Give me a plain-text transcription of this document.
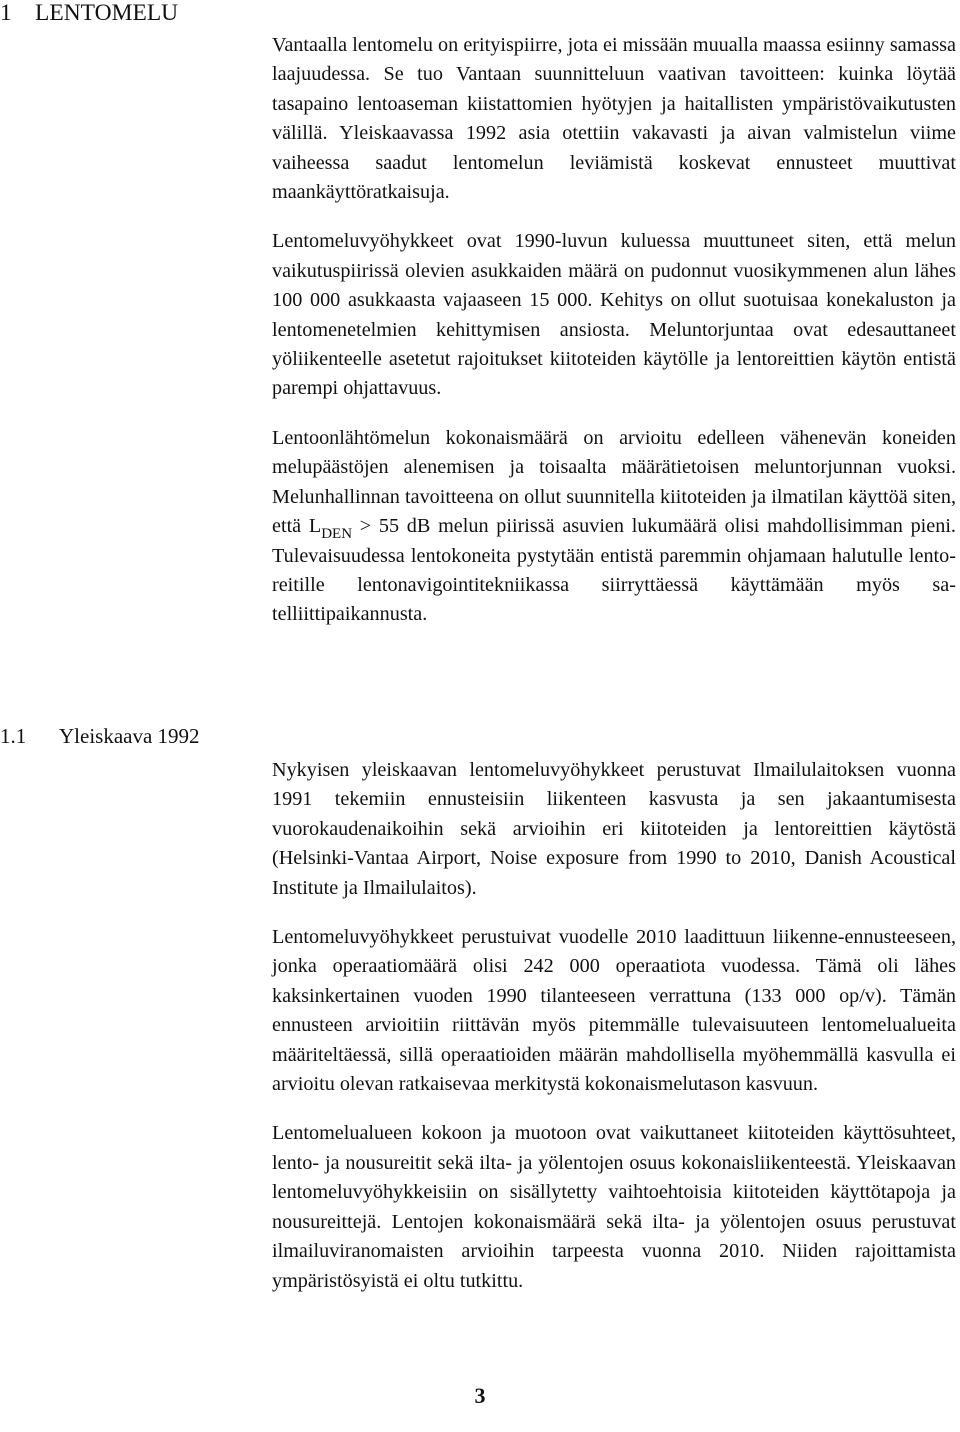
1 LENTOMELU

Vantaalla lentomelu on erityispiirre, jota ei missään muualla maassa esiinny samassa laajuudessa. Se tuo Vantaan suunnitteluun vaativan tavoitteen: kuinka löytää tasapaino lentoaseman kiistattomien hyötyjen ja haitallisten ympäristövaikutusten välillä. Yleiskaavassa 1992 asia otettiin vakavasti ja aivan valmistelun viime vaiheessa saadut lentomelun leviämistä koskevat ennusteet muuttivat maankäyttöratkaisuja.

Lentomeluvyöhykkeet ovat 1990-luvun kuluessa muuttuneet siten, että melun vaikutuspiirissä olevien asukkaiden määrä on pudonnut vuosikymmenen alun lähes 100 000 asukkaasta vajaaseen 15 000. Kehitys on ollut suotuisaa konekaluston ja lentomenetelmien kehittymisen ansiosta. Meluntorjuntaa ovat edesauttaneet yöliikenteelle asetetut rajoitukset kiitoteiden käytölle ja lentoreittien käytön entistä parempi ohjattavuus.

Lentoonlähtömelun kokonaismäärä on arvioitu edelleen vähenevän koneiden melupäästöjen alenemisen ja toisaalta määrätietoisen meluntorjunnan vuoksi. Melunhallinnan tavoitteena on ollut suunnitella kiitoteiden ja ilmatilan käyttöä siten, että $L_{DEN} > 55$ dB melun piirissä asuvien lukumäärä olisi mahdollisimman pieni. Tulevaisuudessa lentokoneita pystytään entistä paremmin ohjamaan halutulle lentoreitille lentonavigointitekniikassa siirryttäessä käyttämään myös satelliittipaikannusta.

1.1 Yleiskaava 1992

Nykyisen yleiskaavan lentomeluvyöhykkeet perustuvat Ilmailulaitoksen vuonna 1991 tekemiin ennusteisiin liikenteen kasvusta ja sen jakaantumisesta vuorokaudenaikoihin sekä arvioihin eri kiitoteiden ja lentoreittien käytöstä (Helsinki-Vantaa Airport, Noise exposure from 1990 to 2010, Danish Acoustical Institute ja Ilmailulaitos).

Lentomeluvyöhykkeet perustuivat vuodelle 2010 laadittuun liikenne-ennusteeseen, jonka operaatiomäärä olisi 242 000 operaatiota vuodessa. Tämä oli lähes kaksinkertainen vuoden 1990 tilanteeseen verrattuna (133 000 op/v). Tämän ennusteen arvioitiin riittävän myös pitemmälle tulevaisuuteen lentomelualueita määriteltäessä, sillä operaatioiden määrän mahdollisella myöhemmällä kasvulla ei arvioitu olevan ratkaisevaa merkitystä kokonaismelutason kasvuun.

Lentomelualueen kokoon ja muotoon ovat vaikuttaneet kiitoteiden käyttösuhteet, lento- ja nousureitit sekä ilta- ja yölentojen osuus kokonaisliikenteestä. Yleiskaavan lentomeluvyöhykkeisiin on sisällytetty vaihtoehtoisia kiitoteiden käyttötapoja ja nousureittejä. Lentojen kokonaismäärä sekä ilta- ja yölentojen osuus perustuvat ilmailuviranomaisten arvioihin tarpeesta vuonna 2010. Niiden rajoittamista ympäristösyistä ei oltu tutkittu.

3
